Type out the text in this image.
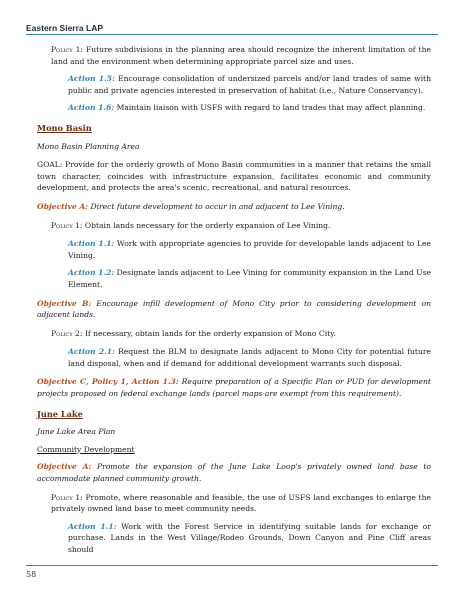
Eastern Sierra LAP

Policy 1: Future subdivisions in the planning area should recognize the inherent limitation of the land and the environment when determining appropriate parcel size and uses.

Action 1.5: Encourage consolidation of undersized parcels and/or land trades of same with public and private agencies interested in preservation of habitat (i.e., Nature Conservancy).

Action 1.6: Maintain liaison with USFS with regard to land trades that may affect planning.

Mono Basin

Mono Basin Planning Area

GOAL: Provide for the orderly growth of Mono Basin communities in a manner that retains the small town character, coincides with infrastructure expansion, facilitates economic and community development, and protects the area's scenic, recreational, and natural resources.

Objective A: Direct future development to occur in and adjacent to Lee Vining.

Policy 1: Obtain lands necessary for the orderly expansion of Lee Vining.

Action 1.1: Work with appropriate agencies to provide for developable lands adjacent to Lee Vining.

Action 1.2: Designate lands adjacent to Lee Vining for community expansion in the Land Use Element.

Objective B: Encourage infill development of Mono City prior to considering development on adjacent lands.

Policy 2: If necessary, obtain lands for the orderly expansion of Mono City.

Action 2.1: Request the BLM to designate lands adjacent to Mono City for potential future land disposal, when and if demand for additional development warrants such disposal.

Objective C, Policy 1, Action 1.3: Require preparation of a Specific Plan or PUD for development projects proposed on federal exchange lands (parcel maps are exempt from this requirement).

June Lake

June Lake Area Plan

Community Development

Objective A: Promote the expansion of the June Lake Loop's privately owned land base to accommodate planned community growth.

Policy 1: Promote, where reasonable and feasible, the use of USFS land exchanges to enlarge the privately owned land base to meet community needs.

Action 1.1: Work with the Forest Service in identifying suitable lands for exchange or purchase. Lands in the West Village/Rodeo Grounds, Down Canyon and Pine Cliff areas should

58
